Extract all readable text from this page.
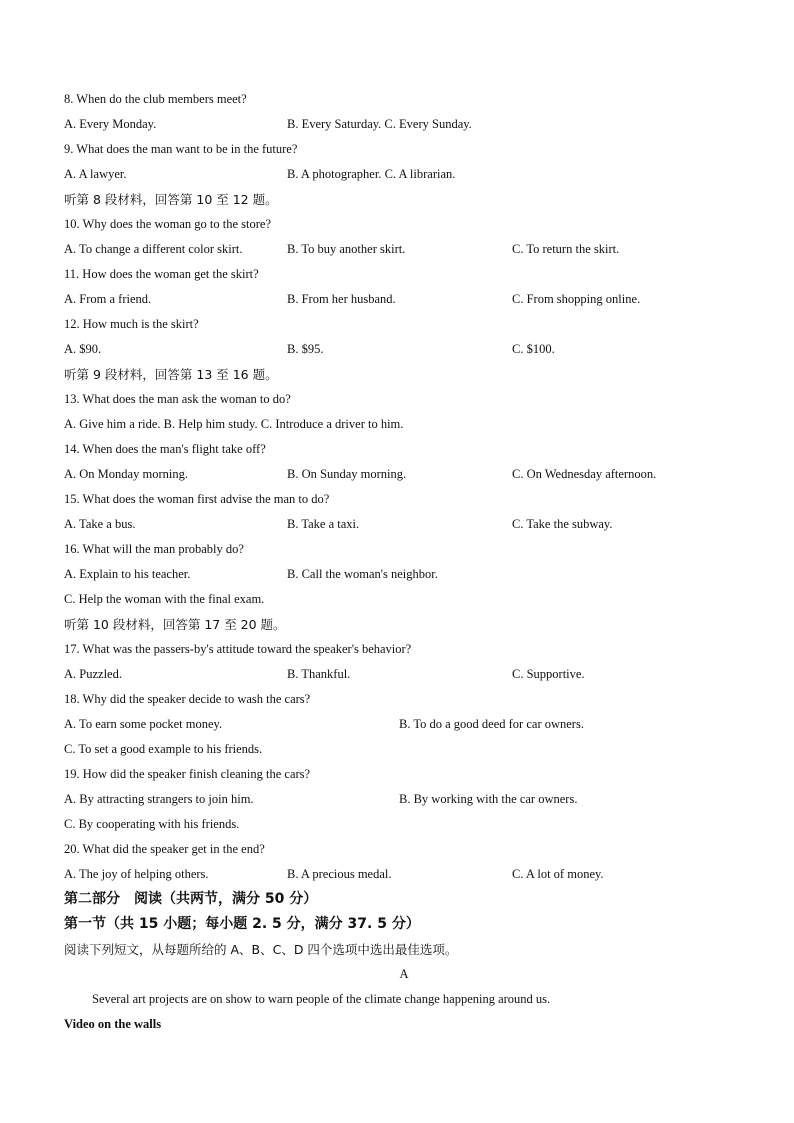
8. When do the club members meet?
A. Every Monday.	B. Every Saturday. C. Every Sunday.
9. What does the man want to be in the future?
A. A lawyer.	B. A photographer. C. A librarian.
听第 8 段材料，回答第 10 至 12 题。
10. Why does the woman go to the store?
A. To change a different color skirt.	B. To buy another skirt.	C. To return the skirt.
11. How does the woman get the skirt?
A. From a friend.	B. From her husband.	C. From shopping online.
12. How much is the skirt?
A. $90.	B. $95.	C. $100.
听第 9 段材料，回答第 13 至 16 题。
13. What does the man ask the woman to do?
A. Give him a ride. B. Help him study. C. Introduce a driver to him.
14. When does the man's flight take off?
A. On Monday morning.	B. On Sunday morning.	C. On Wednesday afternoon.
15. What does the woman first advise the man to do?
A. Take a bus.	B. Take a taxi.	C. Take the subway.
16. What will the man probably do?
A. Explain to his teacher.	B. Call the woman's neighbor.
C. Help the woman with the final exam.
听第 10 段材料，回答第 17 至 20 题。
17. What was the passers-by's attitude toward the speaker's behavior?
A. Puzzled.	B. Thankful.	C. Supportive.
18. Why did the speaker decide to wash the cars?
A. To earn some pocket money.	B. To do a good deed for car owners.
C. To set a good example to his friends.
19. How did the speaker finish cleaning the cars?
A. By attracting strangers to join him.	B. By working with the car owners.
C. By cooperating with his friends.
20. What did the speaker get in the end?
A. The joy of helping others.	B. A precious medal.	C. A lot of money.
第二部分　阅读（共两节，满分 50 分）
第一节（共 15 小题；每小题 2. 5 分，满分 37. 5 分）
阅读下列短文，从每题所给的 A、B、C、D 四个选项中选出最佳选项。
A
Several art projects are on show to warn people of the climate change happening around us.
Video on the walls
